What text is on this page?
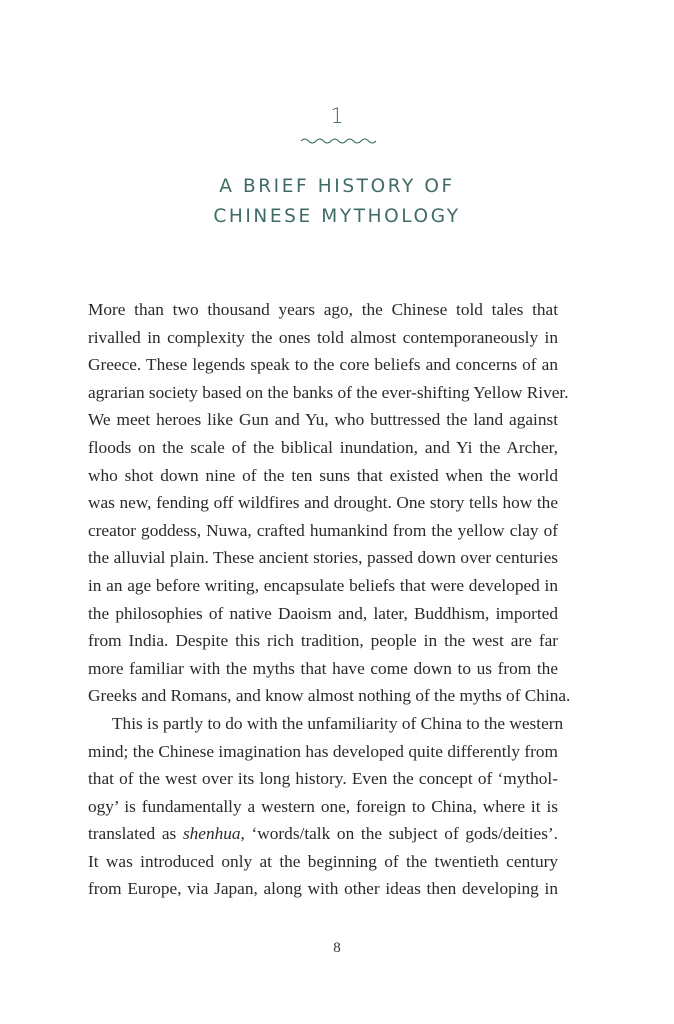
1
A BRIEF HISTORY OF
CHINESE MYTHOLOGY
More than two thousand years ago, the Chinese told tales that
rivalled in complexity the ones told almost contemporaneously in
Greece. These legends speak to the core beliefs and concerns of an
agrarian society based on the banks of the ever-shifting Yellow River.
We meet heroes like Gun and Yu, who buttressed the land against
floods on the scale of the biblical inundation, and Yi the Archer,
who shot down nine of the ten suns that existed when the world
was new, fending off wildfires and drought. One story tells how the
creator goddess, Nuwa, crafted humankind from the yellow clay of
the alluvial plain. These ancient stories, passed down over centuries
in an age before writing, encapsulate beliefs that were developed in
the philosophies of native Daoism and, later, Buddhism, imported
from India. Despite this rich tradition, people in the west are far
more familiar with the myths that have come down to us from the
Greeks and Romans, and know almost nothing of the myths of China.
This is partly to do with the unfamiliarity of China to the western
mind; the Chinese imagination has developed quite differently from
that of the west over its long history. Even the concept of ‘mythol-
ogy’ is fundamentally a western one, foreign to China, where it is
translated as shenhua, ‘words/talk on the subject of gods/deities’.
It was introduced only at the beginning of the twentieth century
from Europe, via Japan, along with other ideas then developing in
8
